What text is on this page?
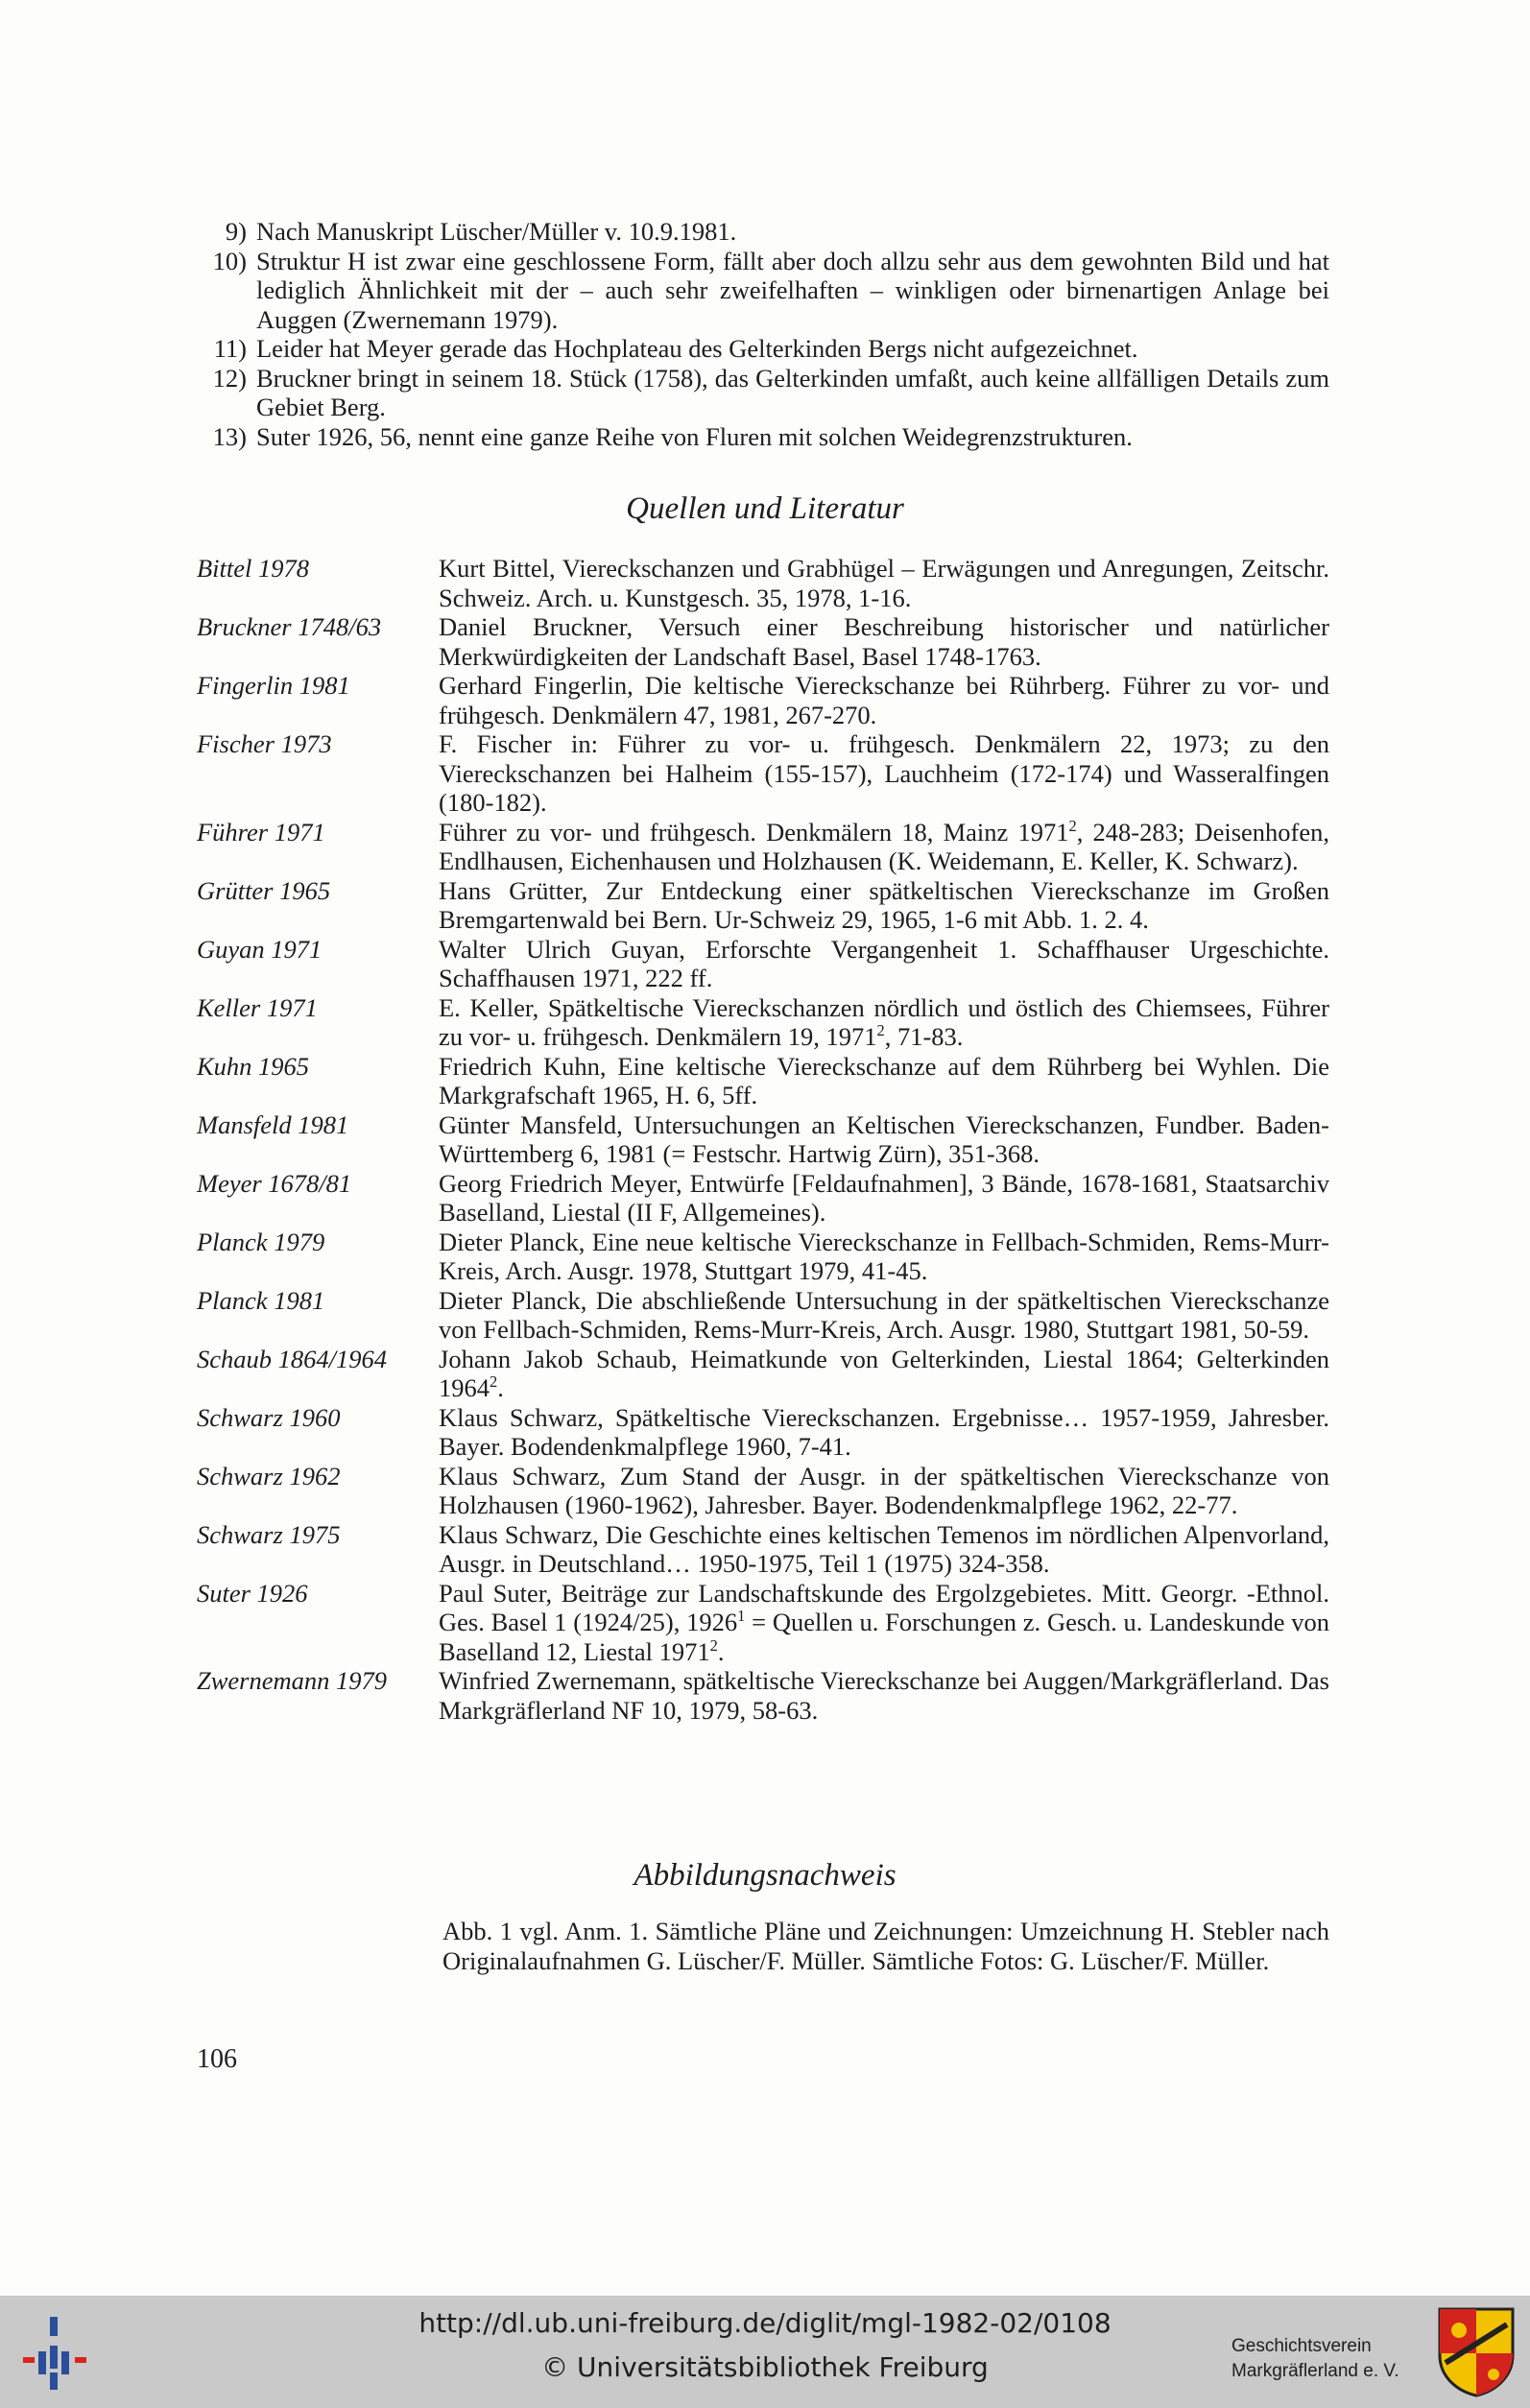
9) Nach Manuskript Lüscher/Müller v. 10.9.1981.
10) Struktur H ist zwar eine geschlossene Form, fällt aber doch allzu sehr aus dem gewohnten Bild und hat lediglich Ähnlichkeit mit der – auch sehr zweifelhaften – winkligen oder birnenartigen Anlage bei Auggen (Zwernemann 1979).
11) Leider hat Meyer gerade das Hochplateau des Gelterkinden Bergs nicht aufgezeichnet.
12) Bruckner bringt in seinem 18. Stück (1758), das Gelterkinden umfaßt, auch keine allfälligen Details zum Gebiet Berg.
13) Suter 1926, 56, nennt eine ganze Reihe von Fluren mit solchen Weidegrenzstrukturen.
Quellen und Literatur
Bittel 1978	Kurt Bittel, Viereckschanzen und Grabhügel – Erwägungen und Anregungen, Zeitschr. Schweiz. Arch. u. Kunstgesch. 35, 1978, 1-16.
Bruckner 1748/63	Daniel Bruckner, Versuch einer Beschreibung historischer und natürlicher Merkwürdigkeiten der Landschaft Basel, Basel 1748-1763.
Fingerlin 1981	Gerhard Fingerlin, Die keltische Viereckschanze bei Rührberg. Führer zu vor- und frühgesch. Denkmälern 47, 1981, 267-270.
Fischer 1973	F. Fischer in: Führer zu vor- u. frühgesch. Denkmälern 22, 1973; zu den Viereckschanzen bei Halheim (155-157), Lauchheim (172-174) und Wasseralfingen (180-182).
Führer 1971	Führer zu vor- und frühgesch. Denkmälern 18, Mainz 1971$^2$, 248-283; Deisenhofen, Endlhausen, Eichenhausen und Holzhausen (K. Weidemann, E. Keller, K. Schwarz).
Grütter 1965	Hans Grütter, Zur Entdeckung einer spätkeltischen Viereckschanze im Großen Bremgartenwald bei Bern. Ur-Schweiz 29, 1965, 1-6 mit Abb. 1. 2. 4.
Guyan 1971	Walter Ulrich Guyan, Erforschte Vergangenheit 1. Schaffhauser Urgeschichte. Schaffhausen 1971, 222 ff.
Keller 1971	E. Keller, Spätkeltische Viereckschanzen nördlich und östlich des Chiemsees, Führer zu vor- u. frühgesch. Denkmälern 19, 1971$^2$, 71-83.
Kuhn 1965	Friedrich Kuhn, Eine keltische Viereckschanze auf dem Rührberg bei Wyhlen. Die Markgrafschaft 1965, H. 6, 5ff.
Mansfeld 1981	Günter Mansfeld, Untersuchungen an Keltischen Viereckschanzen, Fundber. Baden-Württemberg 6, 1981 (= Festschr. Hartwig Zürn), 351-368.
Meyer 1678/81	Georg Friedrich Meyer, Entwürfe [Feldaufnahmen], 3 Bände, 1678-1681, Staatsarchiv Baselland, Liestal (II F, Allgemeines).
Planck 1979	Dieter Planck, Eine neue keltische Viereckschanze in Fellbach-Schmiden, Rems-Murr-Kreis, Arch. Ausgr. 1978, Stuttgart 1979, 41-45.
Planck 1981	Dieter Planck, Die abschließende Untersuchung in der spätkeltischen Viereckschanze von Fellbach-Schmiden, Rems-Murr-Kreis, Arch. Ausgr. 1980, Stuttgart 1981, 50-59.
Schaub 1864/1964	Johann Jakob Schaub, Heimatkunde von Gelterkinden, Liestal 1864; Gelterkinden 1964$^2$.
Schwarz 1960	Klaus Schwarz, Spätkeltische Viereckschanzen. Ergebnisse… 1957-1959, Jahresber. Bayer. Bodendenkmalpflege 1960, 7-41.
Schwarz 1962	Klaus Schwarz, Zum Stand der Ausgr. in der spätkeltischen Viereckschanze von Holzhausen (1960-1962), Jahresber. Bayer. Bodendenkmalpflege 1962, 22-77.
Schwarz 1975	Klaus Schwarz, Die Geschichte eines keltischen Temenos im nördlichen Alpenvorland, Ausgr. in Deutschland… 1950-1975, Teil 1 (1975) 324-358.
Suter 1926	Paul Suter, Beiträge zur Landschaftskunde des Ergolzgebietes. Mitt. Georgr. -Ethnol. Ges. Basel 1 (1924/25), $1926^1$ = Quellen u. Forschungen z. Gesch. u. Landeskunde von Baselland 12, Liestal 1971$^2$.
Zwernemann 1979	Winfried Zwernemann, spätkeltische Viereckschanze bei Auggen/Markgräflerland. Das Markgräflerland NF 10, 1979, 58-63.
Abbildungsnachweis
Abb. 1 vgl. Anm. 1. Sämtliche Pläne und Zeichnungen: Umzeichnung H. Stebler nach Originalaufnahmen G. Lüscher/F. Müller. Sämtliche Fotos: G. Lüscher/F. Müller.
106
http://dl.ub.uni-freiburg.de/diglit/mgl-1982-02/0108
© Universitätsbibliothek Freiburg
Geschichtsverein
Markgräflerland e. V.
